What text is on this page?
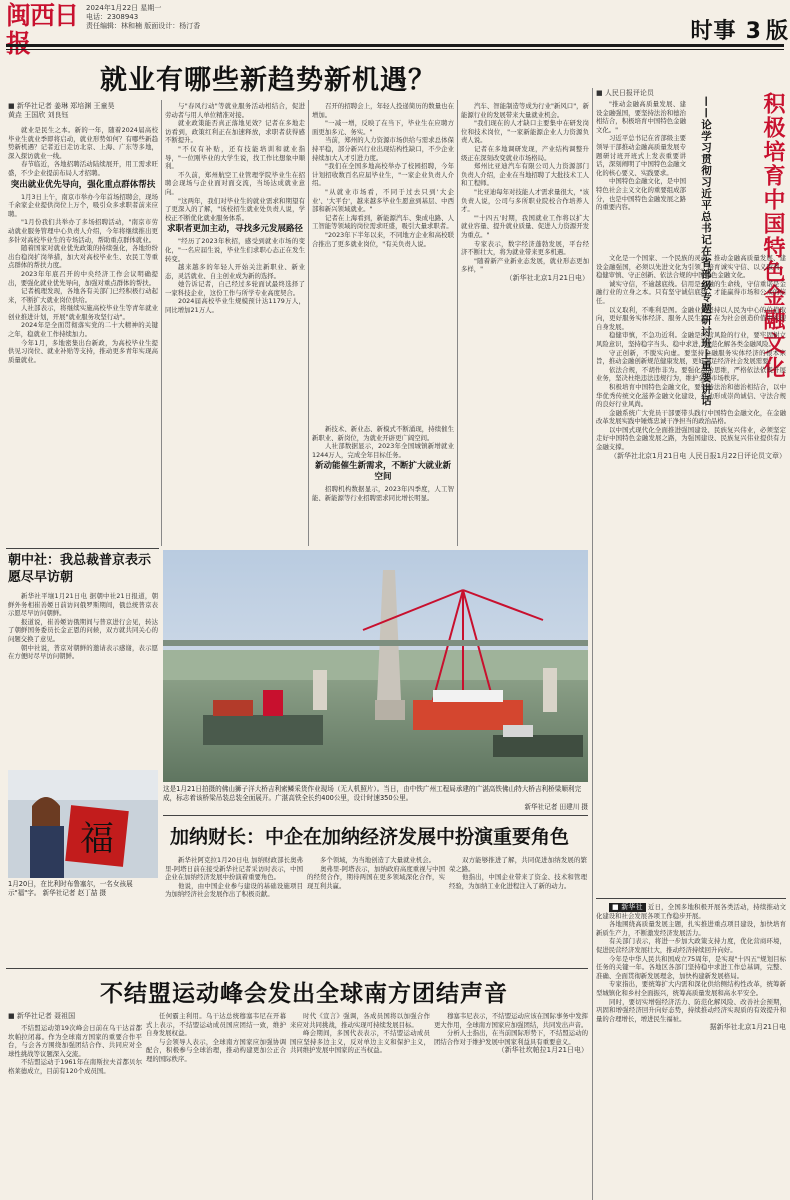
闽西日报
2024年1月22日 星期一
电话：2308943
责任编辑：林和楠 版面设计：杨汀香	时事 3 版
就业有哪些新趋势新机遇？
■ 新华社记者 姜琳 郑培渊 王童昊
黄垚 王国欣 刘良钰

就业是民生之本。新的一年，随着2024届高校毕业生就业季即将启动，就业形势如何？有哪些新趋势新机遇？记者近日走访北京、上海、广东等多地，深入探访就业一线。

春节临近，各地招聘活动陆续展开，用工需求旺盛，不少企业提前布局人才招聘。

突出就业优先导向，强化重点群体帮扶

1月3日上午，南京市举办今年首场招聘会，现场千余家企业提供岗位上万个，吸引众多求职者前来应聘。

"1月份我们共举办了多场招聘活动，"南京市劳动就业服务管理中心负责人介绍，今年将继续推出更多针对高校毕业生的专场活动，帮助重点群体就业。

随着国家对就业优先政策的持续强化，各地纷纷出台稳岗扩岗举措，加大对高校毕业生、农民工等重点群体的帮扶力度。

2023年年底召开的中央经济工作会议明确提出，要强化就业优先导向，加强对重点群体的帮扶。

记者梳理发现，各地各有关部门已经积极行动起来，不断扩大就业岗位供给。

人社部表示，将继续实施高校毕业生等青年就业创业推进计划，开展"就业服务攻坚行动"。

2024年是全面贯彻落实党的二十大精神的关键之年，稳就业工作持续加力。

今年1月，多地密集出台新政，为高校毕业生提供见习岗位、就业补贴等支持，推动更多青年实现高质量就业。

与"春风行动"等就业服务活动相结合，促进劳动者与用人单位精准对接。

就业政策能否真正落地见效？记者在多地走访看到，政策红利正在加速释放，求职者获得感不断提升。

"不仅有补贴，还有技能培训和就业指导，"一位刚毕业的大学生说，找工作比想象中顺利。

不久前，郑州航空工业管理学院毕业生在招聘会现场与企业面对面交流，当场达成就业意向。

"这两年，我们对毕业生的就业需求和期望有了更深入的了解，"该校招生就业处负责人说，学校正不断优化就业服务体系。

求职者更加主动，寻找多元发展路径

"经历了2023年秋招，感受到就业市场的变化，"一名应届生说，毕业生们求职心态正在发生转变。

越来越多的年轻人开始关注新职业、新业态，灵活就业、自主创业成为新的选择。

她告诉记者，自己经过多轮面试最终选择了一家科技企业，这份工作与所学专业高度契合。

2024届高校毕业生规模预计达1179万人，同比增加21万人。

召开的招聘会上，年轻人投递简历的数量也在增加。

"一减一增，反映了在当下，毕业生在应聘方面更加多元、务实。"

当前，郑州的人力资源市场供给与需求总体保持平稳，部分新兴行业出现结构性缺口，不少企业持续加大人才引进力度。

"我们在全国多地高校举办了校园招聘，今年计划招收数百名应届毕业生，"一家企业负责人介绍。

"从就业市场看，不同于过去只到'大企业'、'大平台'，越来越多毕业生愿意到基层、中西部和新兴领域就业。"

记者在上海看到，新能源汽车、集成电路、人工智能等领域的岗位需求旺盛，吸引大量求职者。

"2023年下半年以来，不同地方企业和高校联合推出了更多就业岗位，"有关负责人说。

新技术、新业态、新模式不断涌现，持续催生新职业、新岗位，为就业开辟更广阔空间。

人社部数据显示，2023年全国城镇新增就业1244万人，完成全年目标任务。

新动能催生新需求，不断扩大就业新空间

招聘机构数据显示，2023年四季度，人工智能、新能源等行业招聘需求同比增长明显。

汽车、智能制造等成为行业"新风口"，新能源行业的发展带来大量就业机会。

"我们现在的人才缺口主要集中在研发岗位和技术岗位，"一家新能源企业人力资源负责人说。

记者在多地调研发现，产业结构调整升级正在深刻改变就业市场格局。

郑州比亚迪汽车有限公司人力资源部门负责人介绍，企业在当地招聘了大批技术工人和工程师。

"比亚迪每年对技能人才需求量很大，"该负责人说，公司与多所职业院校合作培养人才。

"'十四五'时期，我国就业工作将以扩大就业容量、提升就业质量、促进人力资源开发为重点。"

专家表示，数字经济蓬勃发展，平台经济不断壮大，将为就业带来更多机遇。

"随着新产业新业态发展，就业形态更加多样，"

（新华社北京1月21日电）

■ 人民日报评论员	积极培育中国特色金融文化
——论学习贯彻习近平总书记在省部级专题研讨班上重要讲话

"推动金融高质量发展、建设金融强国，要坚持法治和德治相结合，积极培育中国特色金融文化。"

习近平总书记在省部级主要领导干部推动金融高质量发展专题研讨班开班式上发表重要讲话，深刻阐明了中国特色金融文化的核心要义、实践要求。

中国特色金融文化，是中国特色社会主义文化的重要组成部分，也是中国特色金融发展之路的重要内容。

文化是一个国家、一个民族的灵魂。推动金融高质量发展、建设金融强国，必须以先进文化为引领，培育诚实守信、以义取利、稳健审慎、守正创新、依法合规的中国特色金融文化。

诚实守信，不逾越底线。信用是金融的生命线，守信重诺是金融行业的立身之本。只有坚守诚信底线，才能赢得市场和公众的信任。

以义取利，不唯利是图。金融业要坚持以人民为中心的价值取向，更好服务实体经济、服务人民生活，在为社会创造价值中实现自身发展。

稳健审慎，不急功近利。金融是经营风险的行业，要牢固树立风险意识，坚持稳字当头、稳中求进，防范化解各类金融风险。

守正创新，不脱实向虚。要坚持金融服务实体经济的根本宗旨，推动金融创新规范健康发展，更好满足经济社会发展需要。

依法合规，不胡作非为。要强化法治思维，严格依法依规开展业务，坚决杜绝违法违规行为，维护金融市场秩序。

积极培育中国特色金融文化，要坚持法治和德治相结合，以中华优秀传统文化滋养金融文化建设，推动形成崇尚诚信、守法合规的良好行业风尚。

金融系统广大党员干部要带头践行中国特色金融文化，在金融改革发展实践中锤炼忠诚干净担当的政治品格。

以中国式现代化全面推进强国建设、民族复兴伟业，必须坚定走好中国特色金融发展之路，为强国建设、民族复兴伟业提供有力金融支撑。

（新华社北京1月21日电 人民日报1月22日评论员文章）

■ 新华社 近日，全国多地积极开展各类活动，持续推动文化建设和社会发展各项工作稳步开展。

各地围绕高质量发展主题，扎实推进重点项目建设，加快培育新质生产力，不断激发经济发展活力。

有关部门表示，将进一步加大政策支持力度，优化营商环境，促进民营经济发展壮大，推动经济持续回升向好。

今年是中华人民共和国成立75周年，是实现"十四五"规划目标任务的关键一年。各地区各部门坚持稳中求进工作总基调，完整、准确、全面贯彻新发展理念，加快构建新发展格局。

专家指出，要统筹扩大内需和深化供给侧结构性改革，统筹新型城镇化和乡村全面振兴，统筹高质量发展和高水平安全。

同时，要切实增强经济活力、防范化解风险、改善社会预期，巩固和增强经济回升向好态势，持续推动经济实现质的有效提升和量的合理增长，增进民生福祉。

据新华社北京1月21日电

朝中社：我总裁普京表示愿尽早访朝

新华社平壤1月21日电 据朝中社21日报道，朝鲜外务相崔善姬日前访问俄罗斯期间，俄总统普京表示愿尽早访问朝鲜。

报道说，崔善姬访俄期间与普京进行会见，转达了朝鲜国务委员长金正恩的问候，双方就共同关心的问题交换了意见。

朝中社说，普京对朝鲜的邀请表示感谢，表示愿在方便时尽早访问朝鲜。

福
1月20日，在比利时布鲁塞尔，一名女孩展示"福"字。 新华社记者 赵丁喆 摄
这是1月21日拍摄的佛山狮子洋大桥吉利索鳞采货作业现场（无人机照片）。当日，由中铁广州工程局承建的广湛高铁佛山特大桥吉利桥梁顺利完成，标志着该桥梁吊装总装全面展开。广湛高铁全长约400公里，设计时速350公里。
新华社记者 田建川 摄
加纳财长：中企在加纳经济发展中扮演重要角色

新华社阿克拉1月20日电 加纳财政部长奥弗里-阿塔日前在接受新华社记者采访时表示，中国企业在加纳经济发展中扮演着重要角色。

他说，由中国企业参与建设的基础设施项目为加纳经济社会发展作出了积极贡献。

多个领域，为当地创造了大量就业机会。

奥弗里-阿塔表示，加纳政府高度重视与中国的经贸合作，期待两国在更多领域深化合作，实现互利共赢。

双方能够推进了解，共同促进加纳发展的繁荣之路。

他指出，中国企业带来了资金、技术和管理经验，为加纳工业化进程注入了新的动力。

不结盟运动峰会发出全球南方团结声音
■ 新华社记者 聂祖国

不结盟运动第19次峰会日前在乌干达首都坎帕拉闭幕。作为全球南方国家的重要合作平台，与会各方围绕加强团结合作、共同应对全球性挑战等议题深入交流。

不结盟运动于1961年在南斯拉夫首都贝尔格莱德成立，目前有120个成员国。

任何霸主利用。乌干达总统穆塞韦尼在开幕式上表示，不结盟运动成员国应团结一致，维护自身发展权益。

与会领导人表示，全球南方国家应加强协调配合，积极参与全球治理，推动构建更加公正合理的国际秩序。

时代《宣言》强调，各成员国将以加强合作来应对共同挑战，推动实现可持续发展目标。

峰会期间，多国代表表示，不结盟运动成员国应坚持多边主义，反对单边主义和保护主义，共同维护发展中国家的正当权益。

穆塞韦尼表示，不结盟运动应该在国际事务中发挥更大作用，全球南方国家应加强团结，共同发出声音。

分析人士指出，在当前国际形势下，不结盟运动的团结合作对于维护发展中国家利益具有重要意义。

（新华社坎帕拉1月21日电）
